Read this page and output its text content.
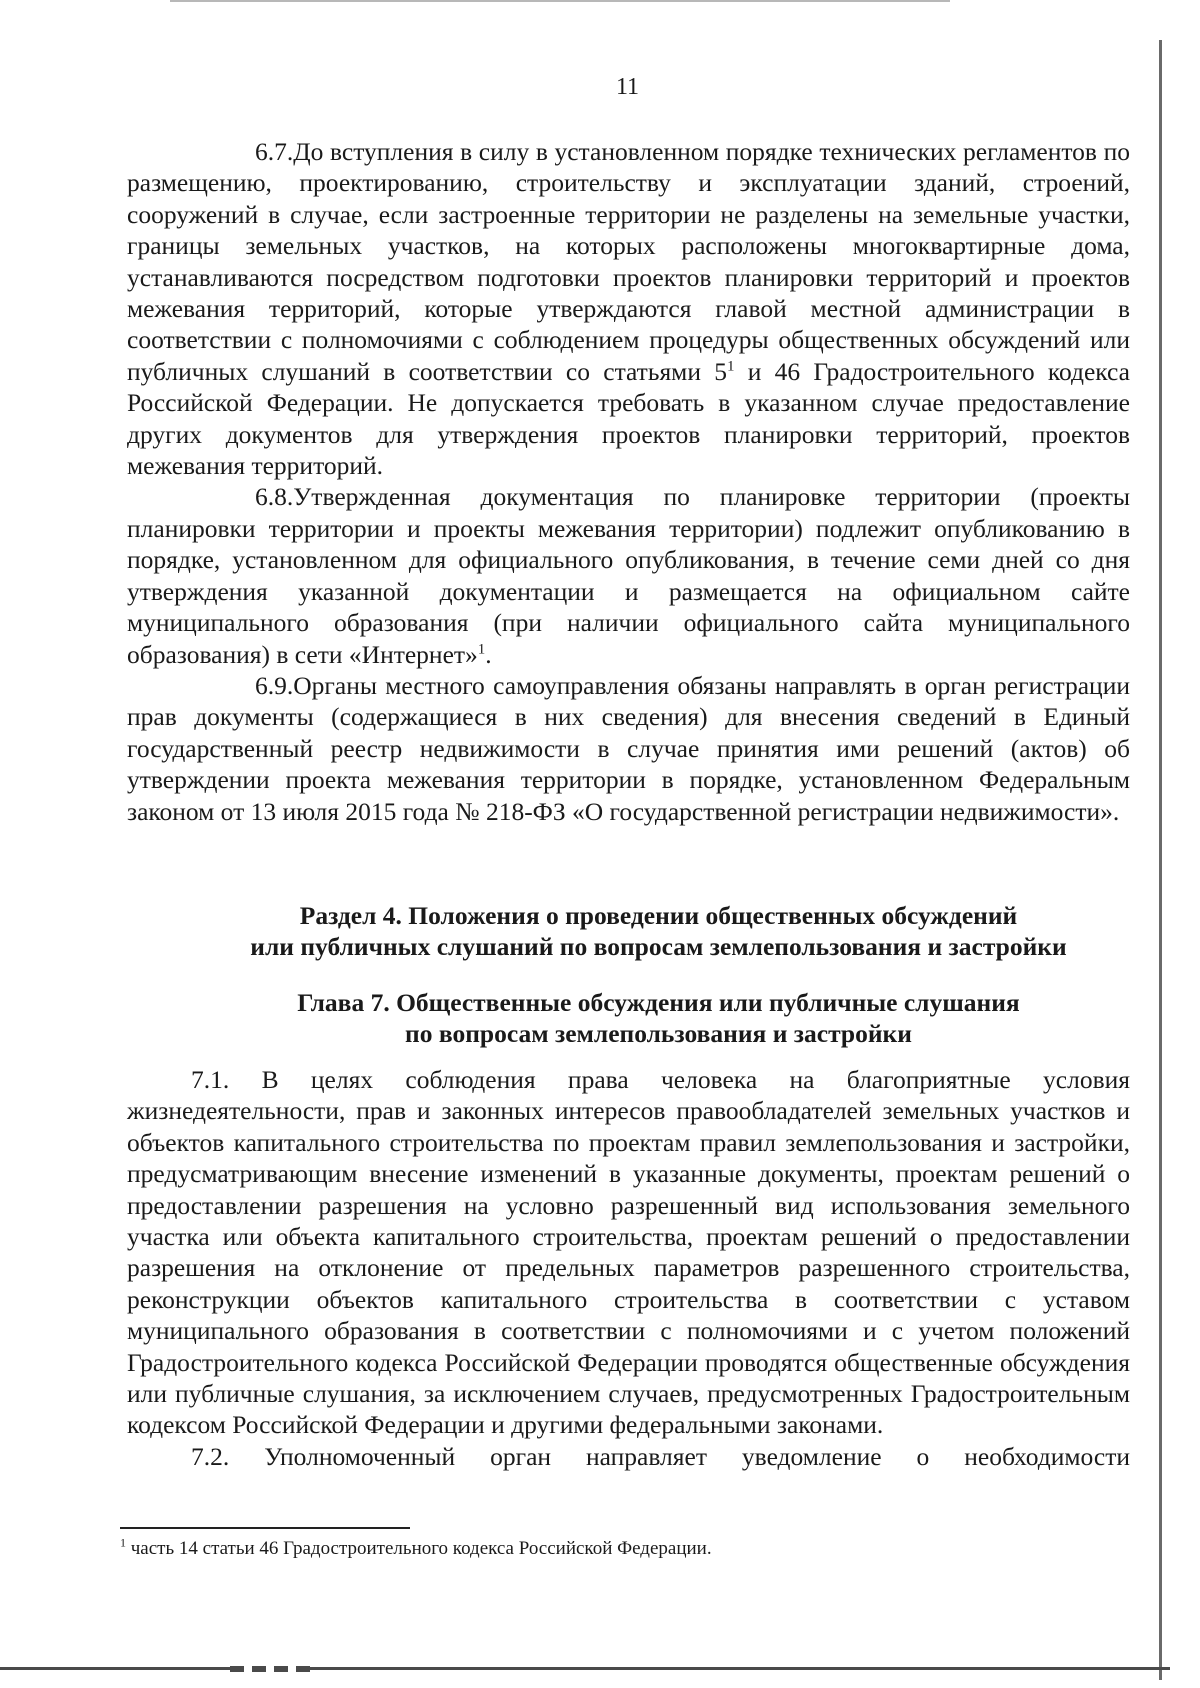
11

6.7.До вступления в силу в установленном порядке технических регламентов по размещению, проектированию, строительству и эксплуатации зданий, строений, сооружений в случае, если застроенные территории не разделены на земельные участки, границы земельных участков, на которых расположены многоквартирные дома, устанавливаются посредством подготовки проектов планировки территорий и проектов межевания территорий, которые утверждаются главой местной администрации в соответствии с полномочиями с соблюдением процедуры общественных обсуждений или публичных слушаний в соответствии со статьями $5^1$ и 46 Градостроительного кодекса Российской Федерации. Не допускается требовать в указанном случае предоставление других документов для утверждения проектов планировки территорий, проектов межевания территорий.

6.8.Утвержденная документация по планировке территории (проекты планировки территории и проекты межевания территории) подлежит опубликованию в порядке, установленном для официального опубликования, в течение семи дней со дня утверждения указанной документации и размещается на официальном сайте муниципального образования (при наличии официального сайта муниципального образования) в сети «Интернет»$^1$.

6.9.Органы местного самоуправления обязаны направлять в орган регистрации прав документы (содержащиеся в них сведения) для внесения сведений в Единый государственный реестр недвижимости в случае принятия ими решений (актов) об утверждении проекта межевания территории в порядке, установленном Федеральным законом от 13 июля 2015 года № 218-ФЗ «О государственной регистрации недвижимости».

Раздел 4. Положения о проведении общественных обсуждений
или публичных слушаний по вопросам землепользования и застройки
Глава 7. Общественные обсуждения или публичные слушания
по вопросам землепользования и застройки

7.1. В целях соблюдения права человека на благоприятные условия жизнедеятельности, прав и законных интересов правообладателей земельных участков и объектов капитального строительства по проектам правил землепользования и застройки, предусматривающим внесение изменений в указанные документы, проектам решений о предоставлении разрешения на условно разрешенный вид использования земельного участка или объекта капитального строительства, проектам решений о предоставлении разрешения на отклонение от предельных параметров разрешенного строительства, реконструкции объектов капитального строительства в соответствии с уставом муниципального образования в соответствии с полномочиями и с учетом положений Градостроительного кодекса Российской Федерации проводятся общественные обсуждения или публичные слушания, за исключением случаев, предусмотренных Градостроительным кодексом Российской Федерации и другими федеральными законами.

7.2. Уполномоченный орган направляет уведомление о необходимости

$^1$ часть 14 статьи 46 Градостроительного кодекса Российской Федерации.
